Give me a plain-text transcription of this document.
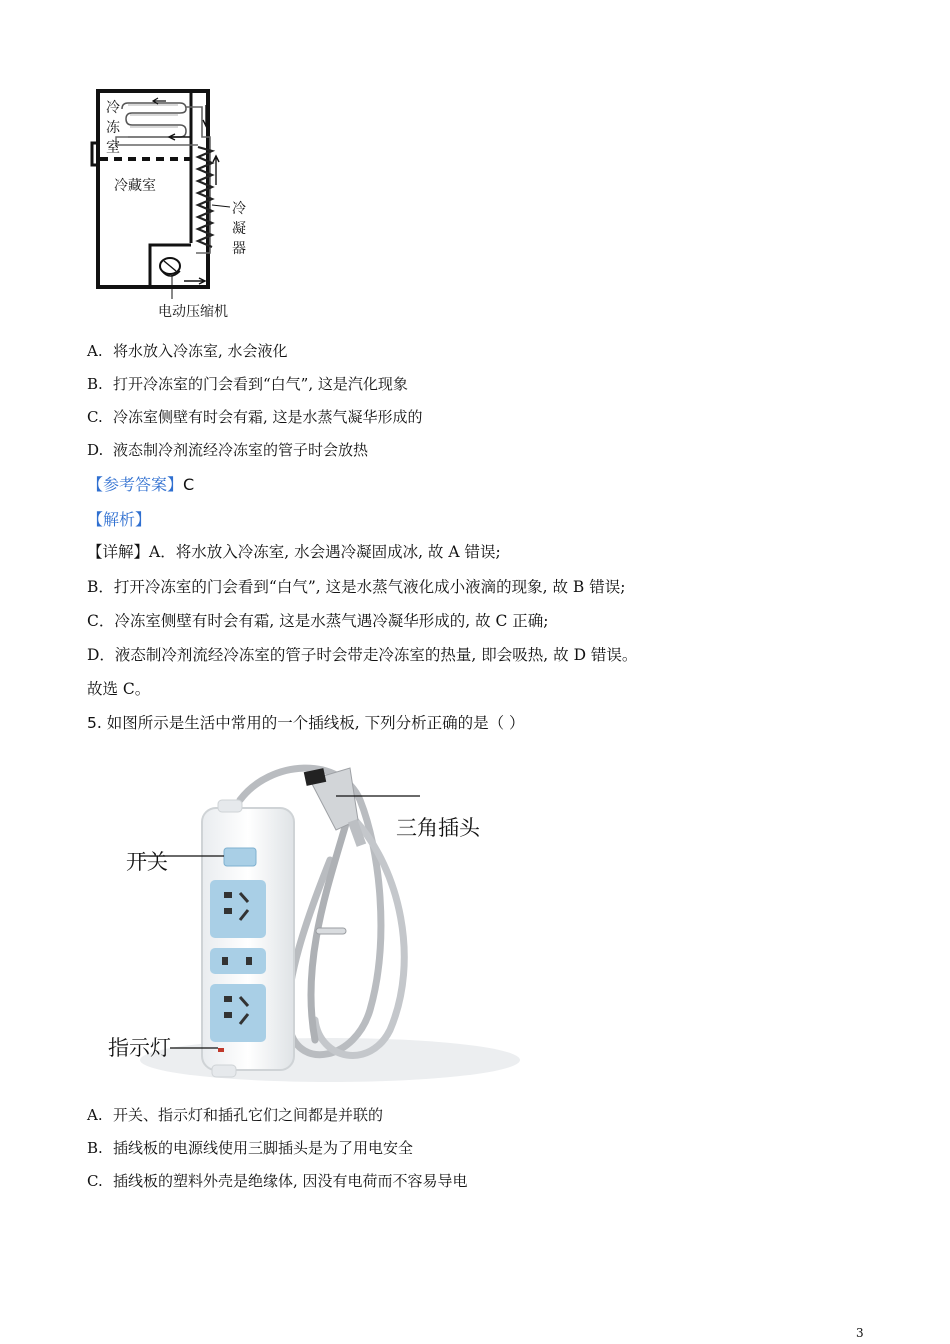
冷
冻
室
冷藏室
冷
凝
器
电动压缩机
A. 将水放入冷冻室, 水会液化
B. 打开冷冻室的门会看到“白气”, 这是汽化现象
C. 冷冻室侧壁有时会有霜, 这是水蒸气凝华形成的
D. 液态制冷剂流经冷冻室的管子时会放热
【参考答案】C
【解析】
【详解】A．将水放入冷冻室, 水会遇冷凝固成冰, 故 A 错误;
B．打开冷冻室的门会看到“白气”, 这是水蒸气液化成小液滴的现象, 故 B 错误;
C．冷冻室侧壁有时会有霜, 这是水蒸气遇冷凝华形成的, 故 C 正确;
D．液态制冷剂流经冷冻室的管子时会带走冷冻室的热量, 即会吸热, 故 D 错误。
故选 C。
5. 如图所示是生活中常用的一个插线板, 下列分析正确的是（ ）
三角插头
开关
指示灯
A. 开关、指示灯和插孔它们之间都是并联的
B. 插线板的电源线使用三脚插头是为了用电安全
C. 插线板的塑料外壳是绝缘体, 因没有电荷而不容易导电
3
